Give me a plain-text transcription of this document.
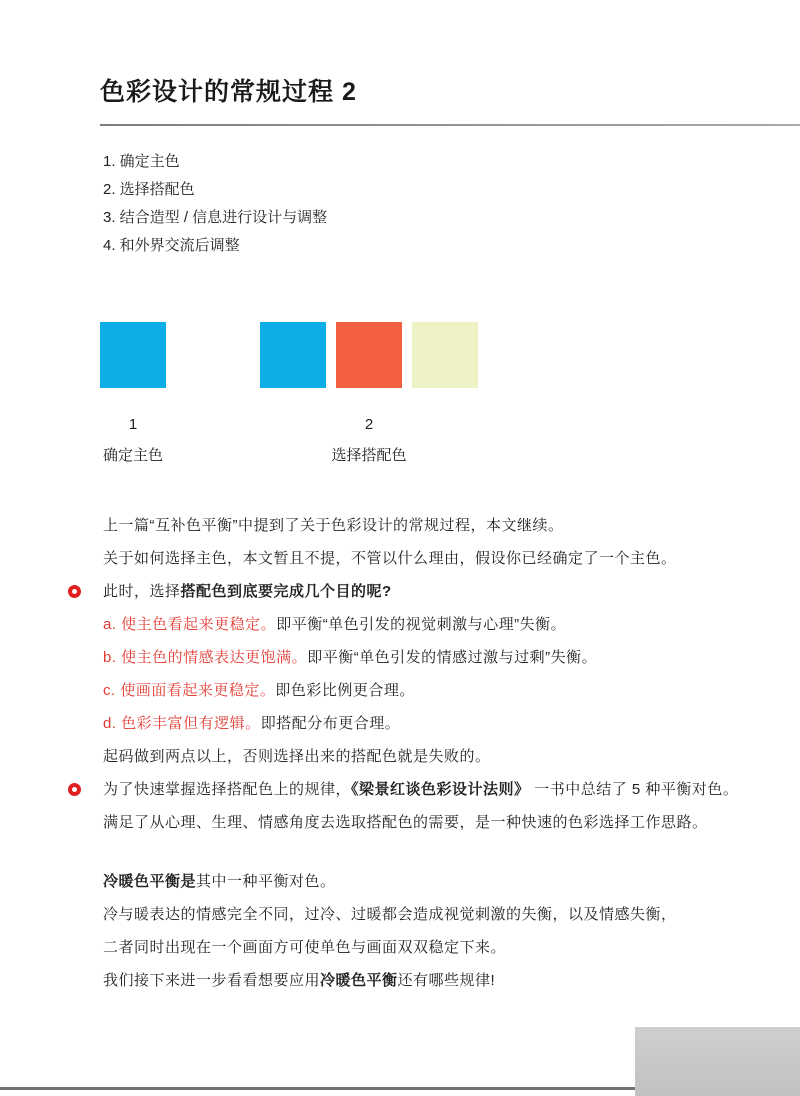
色彩设计的常规过程 2
1. 确定主色
2. 选择搭配色
3. 结合造型 / 信息进行设计与调整
4. 和外界交流后调整
1	2
确定主色	选择搭配色

上一篇“互补色平衡”中提到了关于色彩设计的常规过程，本文继续。

关于如何选择主色，本文暂且不提，不管以什么理由，假设你已经确定了一个主色。

此时，选择搭配色到底要完成几个目的呢?

a. 使主色看起来更稳定。即平衡“单色引发的视觉刺激与心理”失衡。

b. 使主色的情感表达更饱满。即平衡“单色引发的情感过激与过剩”失衡。

c. 使画面看起来更稳定。即色彩比例更合理。

d. 色彩丰富但有逻辑。即搭配分布更合理。

起码做到两点以上，否则选择出来的搭配色就是失败的。

为了快速掌握选择搭配色上的规律，《梁景红谈色彩设计法则》 一书中总结了 5 种平衡对色。

满足了从心理、生理、情感角度去选取搭配色的需要，是一种快速的色彩选择工作思路。

冷暖色平衡是其中一种平衡对色。

冷与暖表达的情感完全不同，过冷、过暖都会造成视觉刺激的失衡，以及情感失衡，

二者同时出现在一个画面方可使单色与画面双双稳定下来。

我们接下来进一步看看想要应用冷暖色平衡还有哪些规律!
